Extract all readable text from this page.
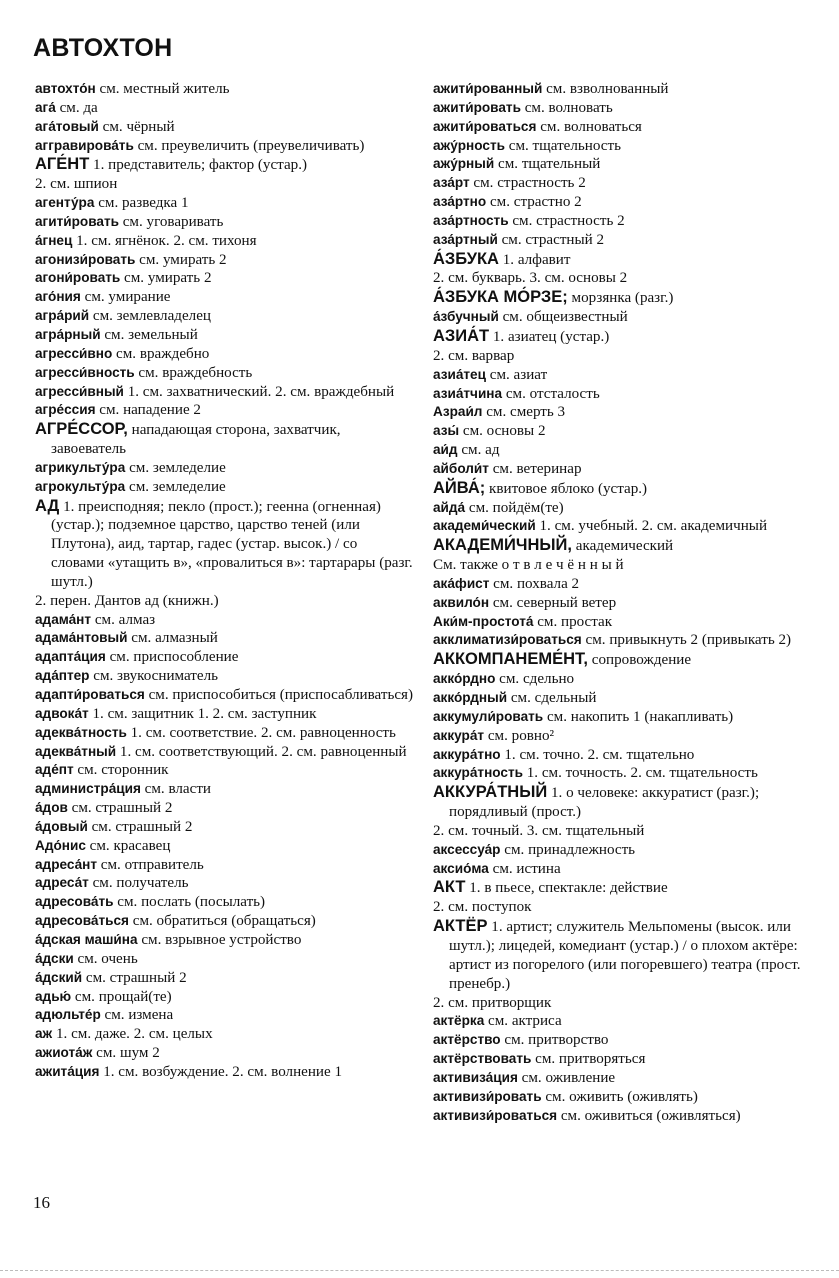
АВТОХТОН

автохто́н см. местный житель

ага́ см. да

ага́товый см. чёрный

аггравирова́ть см. преувеличить (преувеличивать)

АГЕ́НТ 1. представитель; фактор (устар.)

2. см. шпион

агенту́ра см. разведка 1

агити́ровать см. уговаривать

а́гнец 1. см. ягнёнок. 2. см. тихоня

агонизи́ровать см. умирать 2

агони́ровать см. умирать 2

аго́ния см. умирание

агра́рий см. землевладелец

агра́рный см. земельный

агресси́вно см. враждебно

агресси́вность см. враждебность

агресси́вный 1. см. захватнический. 2. см. враждебный

агре́ссия см. нападение 2

АГРЕ́ССОР, нападающая сторона, захватчик, завоеватель

агрикульту́ра см. земледелие

агрокульту́ра см. земледелие

АД 1. преисподняя; пекло (прост.); геенна (огненная) (устар.); подземное царство, царство теней (или Плутона), аид, тартар, гадес (устар. высок.) / со словами «утащить в», «провалиться в»: тартарары (разг. шутл.)

2. перен. Дантов ад (книжн.)

адама́нт см. алмаз

адама́нтовый см. алмазный

адапта́ция см. приспособление

ада́птер см. звукосниматель

адапти́роваться см. приспособиться (приспосабливаться)

адвока́т 1. см. защитник 1. 2. см. заступник

адеква́тность 1. см. соответствие. 2. см. равноценность

адеква́тный 1. см. соответствующий. 2. см. равноценный

аде́пт см. сторонник

администра́ция см. власти

а́дов см. страшный 2

а́довый см. страшный 2

Адо́нис см. красавец

адреса́нт см. отправитель

адреса́т см. получатель

адресова́ть см. послать (посылать)

адресова́ться см. обратиться (обращаться)

а́дская маши́на см. взрывное устройство

а́дски см. очень

а́дский см. страшный 2

адью́ см. прощай(те)

адюльте́р см. измена

аж 1. см. даже. 2. см. целых

ажиота́ж см. шум 2

ажита́ция 1. см. возбуждение. 2. см. волнение 1

ажити́рованный см. взволнованный

ажити́ровать см. волновать

ажити́роваться см. волноваться

ажу́рность см. тщательность

ажу́рный см. тщательный

аза́рт см. страстность 2

аза́ртно см. страстно 2

аза́ртность см. страстность 2

аза́ртный см. страстный 2

А́ЗБУКА 1. алфавит

2. см. букварь. 3. см. основы 2

А́ЗБУКА МО́РЗЕ; морзянка (разг.)

а́збучный см. общеизвестный

АЗИА́Т 1. азиатец (устар.)

2. см. варвар

азиа́тец см. азиат

азиа́тчина см. отсталость

Азраи́л см. смерть 3

азы́ см. основы 2

аи́д см. ад

айболи́т см. ветеринар

АЙВА́; квитовое яблоко (устар.)

айда́ см. пойдём(те)

академи́ческий 1. см. учебный. 2. см. академичный

АКАДЕМИ́ЧНЫЙ, академический

См. также о т в л е ч ё н н ы й

ака́фист см. похвала 2

аквило́н см. северный ветер

Аки́м-простота́ см. простак

акклиматизи́роваться см. привыкнуть 2 (привыкать 2)

АККОМПАНЕМЕ́НТ, сопровождение

акко́рдно см. сдельно

акко́рдный см. сдельный

аккумули́ровать см. накопить 1 (накапливать)

аккура́т см. ровно²

аккура́тно 1. см. точно. 2. см. тщательно

аккура́тность 1. см. точность. 2. см. тщательность

АККУРА́ТНЫЙ 1. о человеке: аккуратист (разг.); порядливый (прост.)

2. см. точный. 3. см. тщательный

аксессуа́р см. принадлежность

аксио́ма см. истина

АКТ 1. в пьесе, спектакле: действие

2. см. поступок

АКТЁР 1. артист; служитель Мельпомены (высок. или шутл.); лицедей, комедиант (устар.) / о плохом актёре: артист из погорелого (или погоревшего) театра (прост. пренебр.)

2. см. притворщик

актёрка см. актриса

актёрство см. притворство

актёрствовать см. притворяться

активиза́ция см. оживление

активизи́ровать см. оживить (оживлять)

активизи́роваться см. оживиться (оживляться)

16
